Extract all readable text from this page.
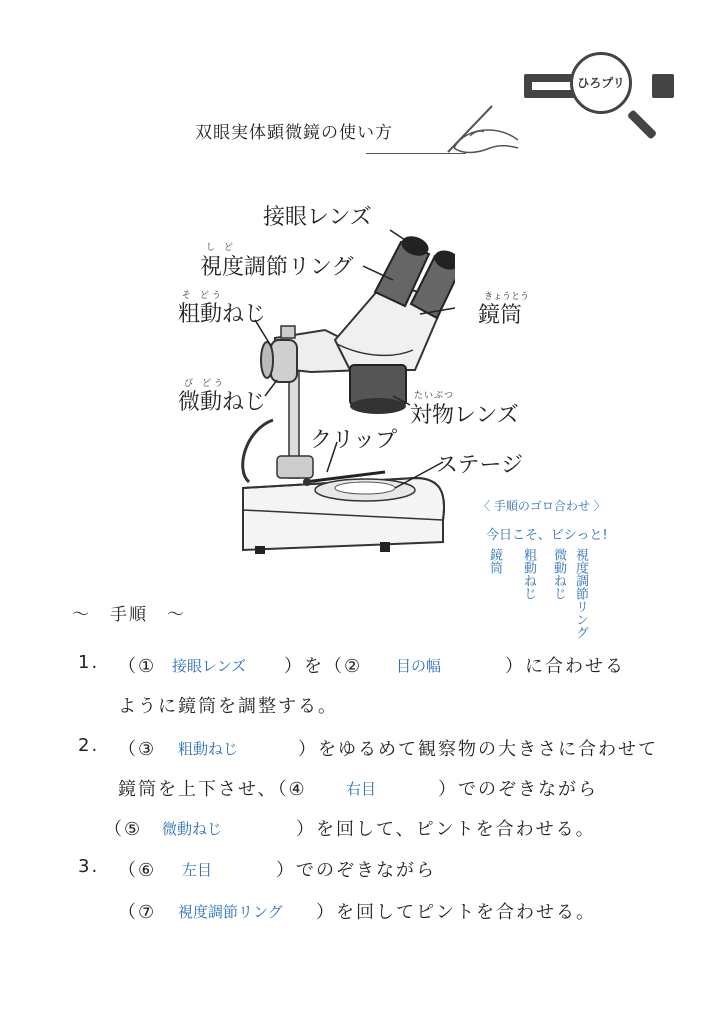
ひろプリ
双眼実体顕微鏡の使い方
接眼レンズ
し ど
視度調節リング
そ どう
粗動ねじ
きょうとう
鏡筒
び どう
微動ねじ	たいぶつ
対物レンズ
クリップ
ステージ
〈 手順のゴロ合わせ 〉
今日こそ、ビシっと!
鏡筒 粗動ねじ 微動ねじ 視度調節リング
〜　手順　〜
1. （① 接眼レンズ ）を（② 目の幅	）に合わせる
ように鏡筒を調整する。
2. （③ 粗動ねじ	）をゆるめて観察物の大きさに合わせて
鏡筒を上下させ、（④	右目	）でのぞきながら
（⑤ 微動ねじ	）を回して、ピントを合わせる。
3. （⑥ 左目	）でのぞきながら
（⑦ 視度調節リング ）を回してピントを合わせる。
